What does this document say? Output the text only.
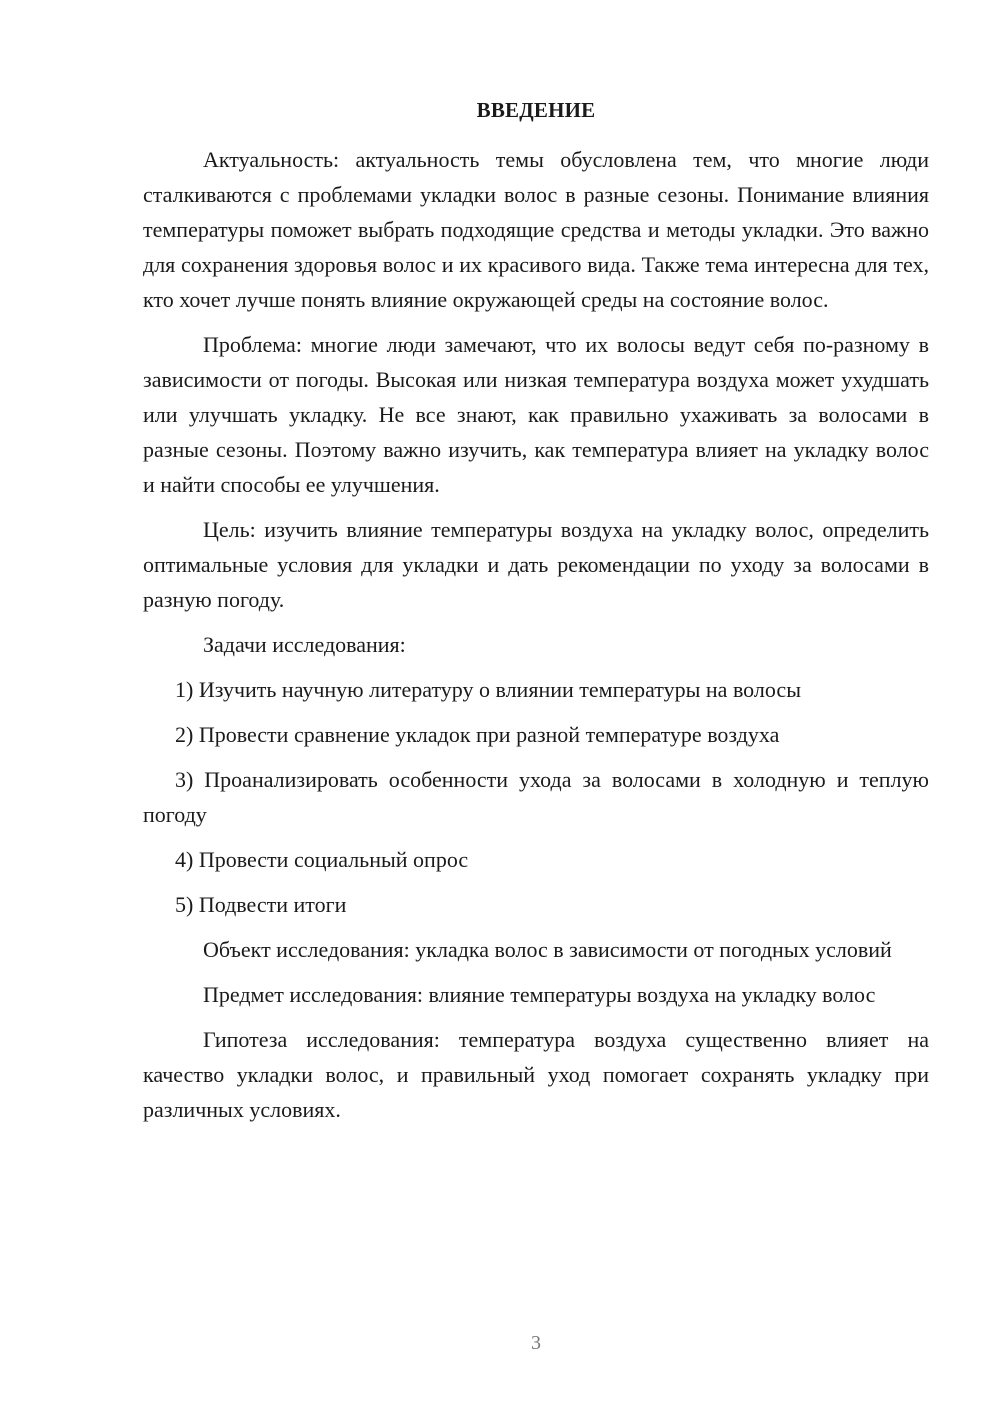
ВВЕДЕНИЕ

Актуальность: актуальность темы обусловлена тем, что многие люди сталкиваются с проблемами укладки волос в разные сезоны. Понимание влияния температуры поможет выбрать подходящие средства и методы укладки. Это важно для сохранения здоровья волос и их красивого вида. Также тема интересна для тех, кто хочет лучше понять влияние окружающей среды на состояние волос.

Проблема: многие люди замечают, что их волосы ведут себя по-разному в зависимости от погоды. Высокая или низкая температура воздуха может ухудшать или улучшать укладку. Не все знают, как правильно ухаживать за волосами в разные сезоны. Поэтому важно изучить, как температура влияет на укладку волос и найти способы ее улучшения.

Цель: изучить влияние температуры воздуха на укладку волос, определить оптимальные условия для укладки и дать рекомендации по уходу за волосами в разную погоду.

Задачи исследования:

1) Изучить научную литературу о влиянии температуры на волосы

2) Провести сравнение укладок при разной температуре воздуха

3) Проанализировать особенности ухода за волосами в холодную и теплую погоду

4) Провести социальный опрос

5) Подвести итоги

Объект исследования: укладка волос в зависимости от погодных условий

Предмет исследования: влияние температуры воздуха на укладку волос

Гипотеза исследования: температура воздуха существенно влияет на качество укладки волос, и правильный уход помогает сохранять укладку при различных условиях.

3
